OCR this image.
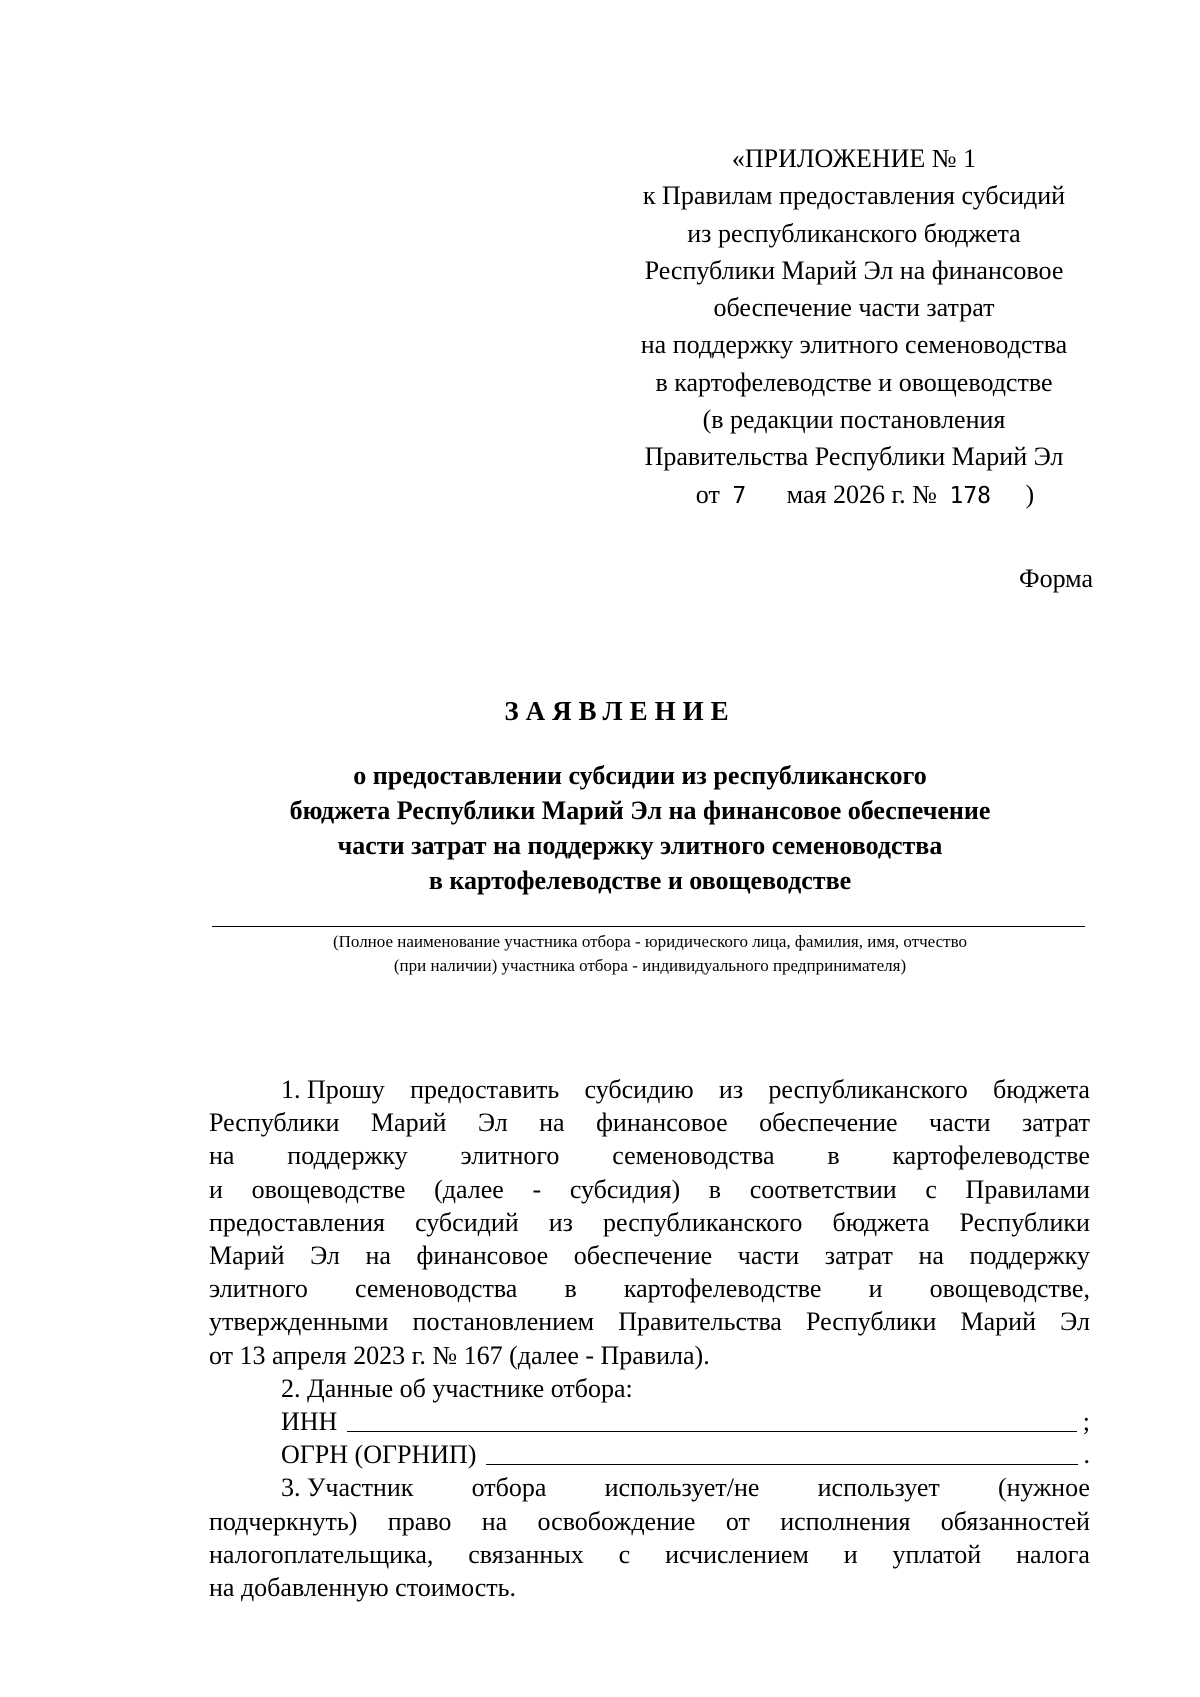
«ПРИЛОЖЕНИЕ № 1
к Правилам предоставления субсидий
из республиканского бюджета
Республики Марий Эл на финансовое
обеспечение части затрат
на поддержку элитного семеноводства
в картофелеводстве и овощеводстве
(в редакции постановления
Правительства Республики Марий Эл
от 7 мая 2026 г. № 178 )
Форма
ЗАЯВЛЕНИЕ
о предоставлении субсидии из республиканского
бюджета Республики Марий Эл на финансовое обеспечение
части затрат на поддержку элитного семеноводства
в картофелеводстве и овощеводстве
(Полное наименование участника отбора - юридического лица, фамилия, имя, отчество
(при наличии) участника отбора - индивидуального предпринимателя)
1. Прошу предоставить субсидию из республиканского бюджета
Республики Марий Эл на финансовое обеспечение части затрат
на поддержку элитного семеноводства в картофелеводстве
и овощеводстве (далее - субсидия) в соответствии с Правилами
предоставления субсидий из республиканского бюджета Республики
Марий Эл на финансовое обеспечение части затрат на поддержку
элитного семеноводства в картофелеводстве и овощеводстве,
утвержденными постановлением Правительства Республики Марий Эл
от 13 апреля 2023 г. № 167 (далее - Правила).
2. Данные об участнике отбора:
ИНН	;
ОГРН (ОГРНИП)	.
3. Участник отбора использует/не использует (нужное
подчеркнуть) право на освобождение от исполнения обязанностей
налогоплательщика, связанных с исчислением и уплатой налога
на добавленную стоимость.
